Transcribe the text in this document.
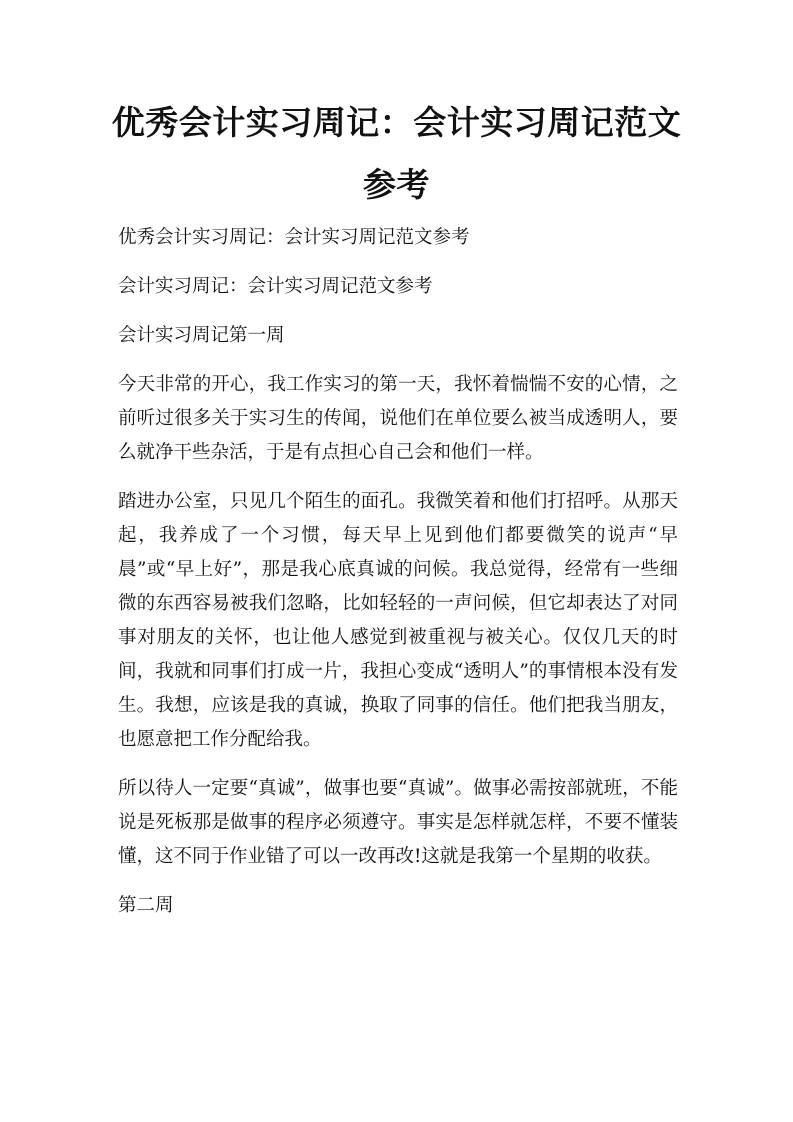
优秀会计实习周记：会计实习周记范文参考

优秀会计实习周记：会计实习周记范文参考

会计实习周记：会计实习周记范文参考

会计实习周记第一周

今天非常的开心，我工作实习的第一天，我怀着惴惴不安的心情，之前听过很多关于实习生的传闻，说他们在单位要么被当成透明人，要么就净干些杂活，于是有点担心自己会和他们一样。

踏进办公室，只见几个陌生的面孔。我微笑着和他们打招呼。从那天起，我养成了一个习惯，每天早上见到他们都要微笑的说声“早晨”或“早上好”，那是我心底真诚的问候。我总觉得，经常有一些细微的东西容易被我们忽略，比如轻轻的一声问候，但它却表达了对同事对朋友的关怀，也让他人感觉到被重视与被关心。仅仅几天的时间，我就和同事们打成一片，我担心变成“透明人”的事情根本没有发生。我想，应该是我的真诚，换取了同事的信任。他们把我当朋友，也愿意把工作分配给我。

所以待人一定要“真诚”，做事也要“真诚”。做事必需按部就班，不能说是死板那是做事的程序必须遵守。事实是怎样就怎样，不要不懂装懂，这不同于作业错了可以一改再改!这就是我第一个星期的收获。

第二周
